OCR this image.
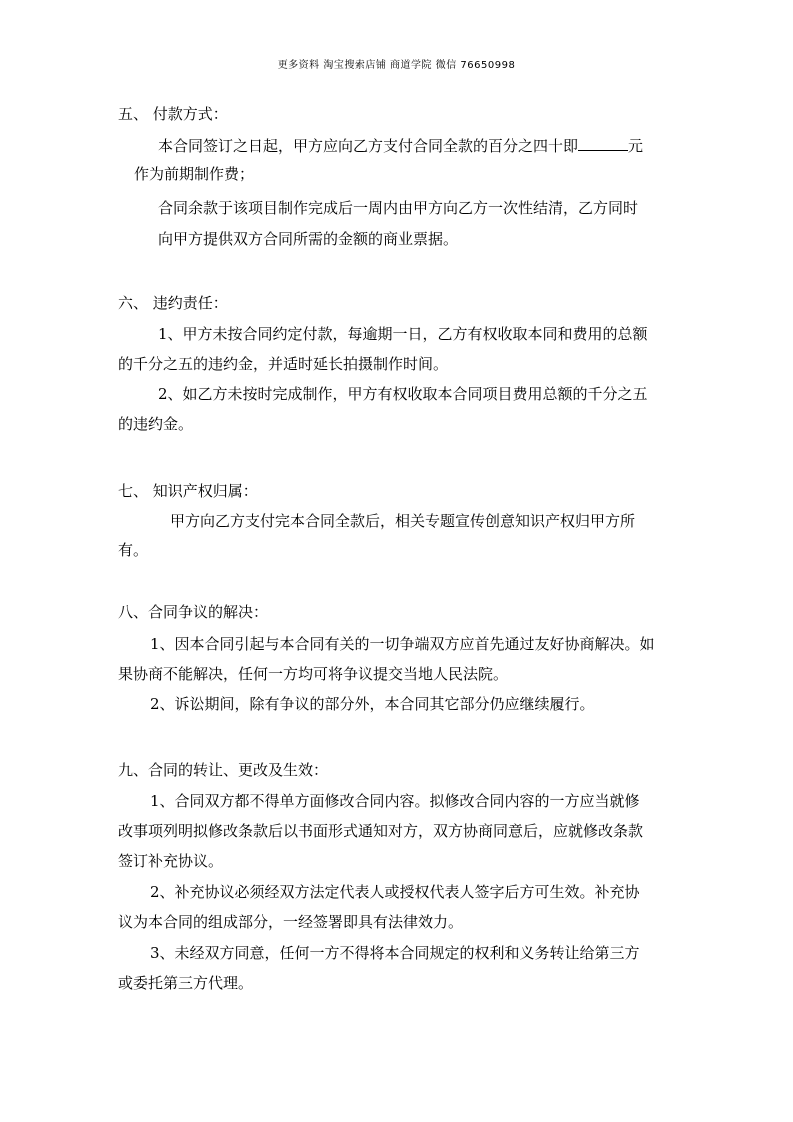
更多资料 淘宝搜索店铺 商道学院 微信 76650998
五、 付款方式：
本合同签订之日起，甲方应向乙方支付合同全款的百分之四十即	元
作为前期制作费；
合同余款于该项目制作完成后一周内由甲方向乙方一次性结清，乙方同时
向甲方提供双方合同所需的金额的商业票据。
六、 违约责任：
1、甲方未按合同约定付款，每逾期一日，乙方有权收取本同和费用的总额
的千分之五的违约金，并适时延长拍摄制作时间。
2、如乙方未按时完成制作，甲方有权收取本合同项目费用总额的千分之五
的违约金。
七、 知识产权归属：
甲方向乙方支付完本合同全款后，相关专题宣传创意知识产权归甲方所
有。
八、合同争议的解决：
1、因本合同引起与本合同有关的一切争端双方应首先通过友好协商解决。如
果协商不能解决，任何一方均可将争议提交当地人民法院。
2、诉讼期间，除有争议的部分外，本合同其它部分仍应继续履行。
九、合同的转让、更改及生效：
1、合同双方都不得单方面修改合同内容。拟修改合同内容的一方应当就修
改事项列明拟修改条款后以书面形式通知对方，双方协商同意后，应就修改条款
签订补充协议。
2、补充协议必须经双方法定代表人或授权代表人签字后方可生效。补充协
议为本合同的组成部分，一经签署即具有法律效力。
3、未经双方同意，任何一方不得将本合同规定的权利和义务转让给第三方
或委托第三方代理。
